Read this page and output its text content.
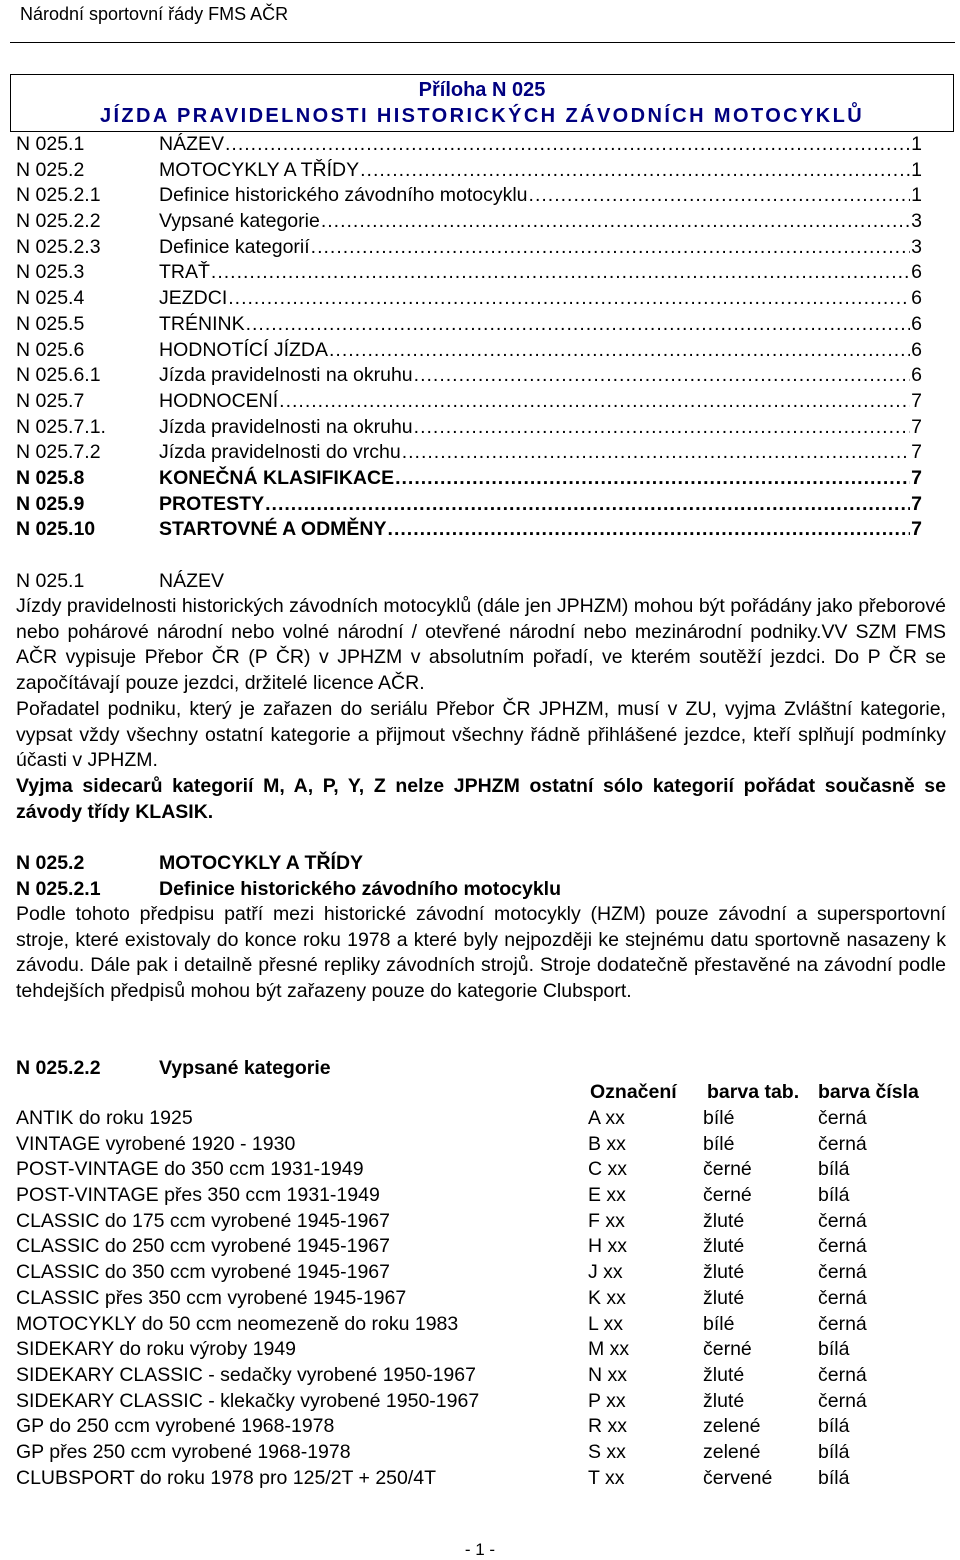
Národní sportovní řády FMS AČR
Příloha N 025
JÍZDA PRAVIDELNOSTI HISTORICKÝCH ZÁVODNÍCH MOTOCYKLŮ
N 025.1	NÁZEV .....	1
N 025.2	MOTOCYKLY A TŘÍDY .....	1
N 025.2.1	Definice historického závodního motocyklu .....	1
N 025.2.2	Vypsané kategorie .....	3
N 025.2.3	Definice kategorií .....	3
N 025.3	TRAŤ .....	6
N 025.4	JEZDCI .....	6
N 025.5	TRÉNINK .....	6
N 025.6	HODNOTÍCÍ JÍZDA .....	6
N 025.6.1	Jízda pravidelnosti na okruhu .....	6
N 025.7	HODNOCENÍ .....	7
N 025.7.1.	Jízda pravidelnosti na okruhu .....	7
N 025.7.2	Jízda pravidelnosti do vrchu .....	7
N 025.8	KONEČNÁ KLASIFIKACE .....	7
N 025.9	PROTESTY .....	7
N 025.10	STARTOVNÉ A ODMĚNY .....	7
N 025.1	NÁZEV

Jízdy pravidelnosti historických závodních motocyklů (dále jen JPHZM) mohou být pořádány jako přeborové nebo pohárové národní nebo volné národní / otevřené národní nebo mezinárodní podniky.VV SZM FMS AČR vypisuje Přebor ČR (P ČR) v JPHZM v absolutním pořadí, ve kterém soutěží jezdci. Do P ČR se započítávají pouze jezdci, držitelé licence AČR.

Pořadatel podniku, který je zařazen do seriálu Přebor ČR JPHZM, musí v ZU, vyjma Zvláštní kategorie, vypsat vždy všechny ostatní kategorie a přijmout všechny řádně přihlášené jezdce, kteří splňují podmínky účasti v JPHZM.

Vyjma sidecarů kategorií M, A, P, Y, Z nelze JPHZM ostatní sólo kategorií pořádat současně se závody třídy KLASIK.

N 025.2	MOTOCYKLY A TŘÍDY
N 025.2.1	Definice historického závodního motocyklu

Podle tohoto předpisu patří mezi historické závodní motocykly (HZM) pouze závodní a supersportovní stroje, které existovaly do konce roku 1978 a které byly nejpozději ke stejnému datu sportovně nasazeny k závodu. Dále pak i detailně přesné repliky závodních strojů. Stroje dodatečně přestavěné na závodní podle tehdejších předpisů mohou být zařazeny pouze do kategorie Clubsport.

N 025.2.2	Vypsané kategorie
Označení barva tab. barva čísla
ANTIK do roku 1925	A xx	bílé	černá
VINTAGE vyrobené 1920 - 1930	B xx	bílé	černá
POST-VINTAGE do 350 ccm 1931-1949	C xx	černé	bílá
POST-VINTAGE přes 350 ccm 1931-1949	E xx	černé	bílá
CLASSIC do 175 ccm vyrobené 1945-1967	F xx	žluté	černá
CLASSIC do 250 ccm vyrobené 1945-1967	H xx	žluté	černá
CLASSIC do 350 ccm vyrobené 1945-1967	J xx	žluté	černá
CLASSIC přes 350 ccm vyrobené 1945-1967	K xx	žluté	černá
MOTOCYKLY do 50 ccm neomezeně do roku 1983	L xx	bílé	černá
SIDEKARY do roku výroby 1949	M xx	černé	bílá
SIDEKARY CLASSIC - sedačky vyrobené 1950-1967	N xx	žluté	černá
SIDEKARY CLASSIC - klekačky vyrobené 1950-1967	P xx	žluté	černá
GP do 250 ccm vyrobené 1968-1978	R xx	zelené	bílá
GP přes 250 ccm vyrobené 1968-1978	S xx	zelené	bílá
CLUBSPORT do roku 1978 pro 125/2T + 250/4T	T xx	červené bílá
- 1 -
